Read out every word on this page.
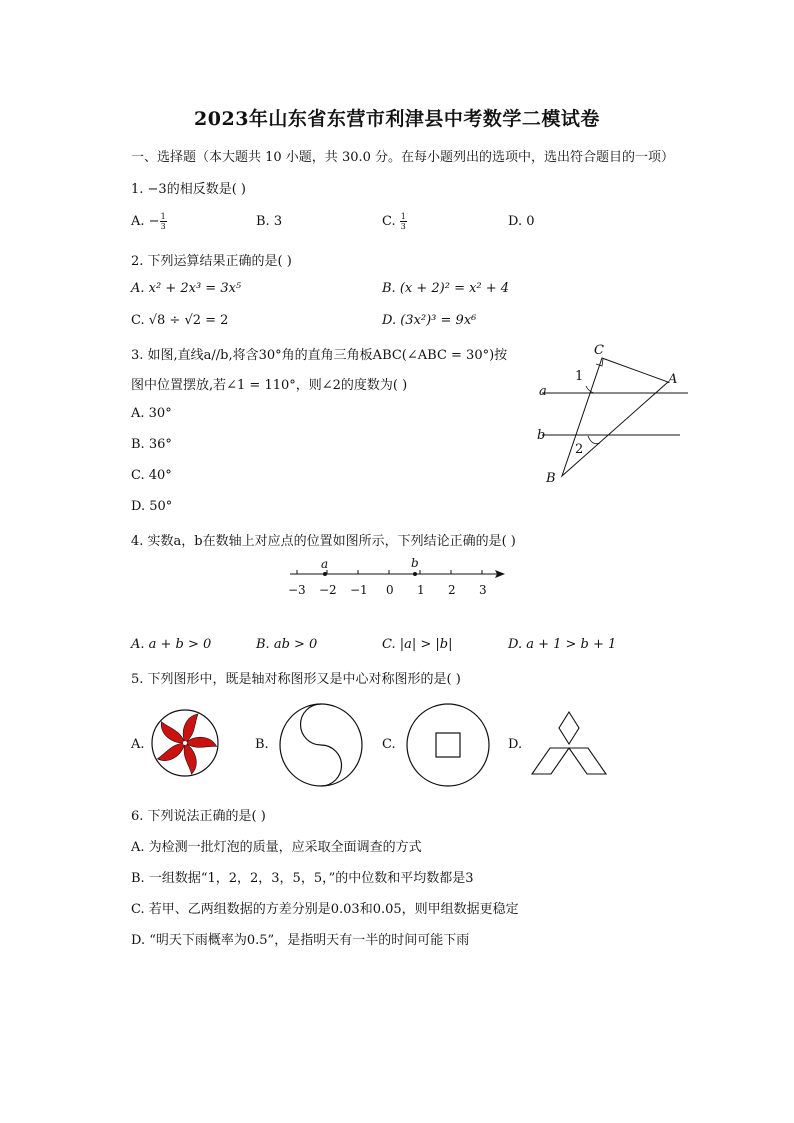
2023年山东省东营市利津县中考数学二模试卷
一、选择题（本大题共 10 小题，共 30.0 分。在每小题列出的选项中，选出符合题目的一项）
1. −3的相反数是( )
A. − $\frac{1}{3}$	B. 3	C. $\frac{1}{3}$	D. 0
2. 下列运算结果正确的是( )
A. x² + 2x³ = 3x⁵	B. (x + 2)² = x² + 4
C. √8 ÷ √2 = 2	D. (3x²)³ = 9x⁶
3. 如图,直线a//b,将含30°角的直角三角板ABC(∠ABC = 30°)按
图中位置摆放,若∠1 = 110°，则∠2的度数为( )
A. 30°
B. 36°
C. 40°
D. 50°
C
A
B
a
b
1
2
4. 实数a，b在数轴上对应点的位置如图所示，下列结论正确的是( )
a	b
−3 −2 −1 0 1 2 3
A. a + b > 0	B. ab > 0	C. |a| > |b|	D. a + 1 > b + 1
5. 下列图形中，既是轴对称图形又是中心对称图形的是( )
A.	B.	C.	D.
6. 下列说法正确的是( )
A. 为检测一批灯泡的质量，应采取全面调查的方式
B. 一组数据“1，2，2，3，5，5，”的中位数和平均数都是3
C. 若甲、乙两组数据的方差分别是0.03和0.05，则甲组数据更稳定
D. “明天下雨概率为0.5”，是指明天有一半的时间可能下雨
